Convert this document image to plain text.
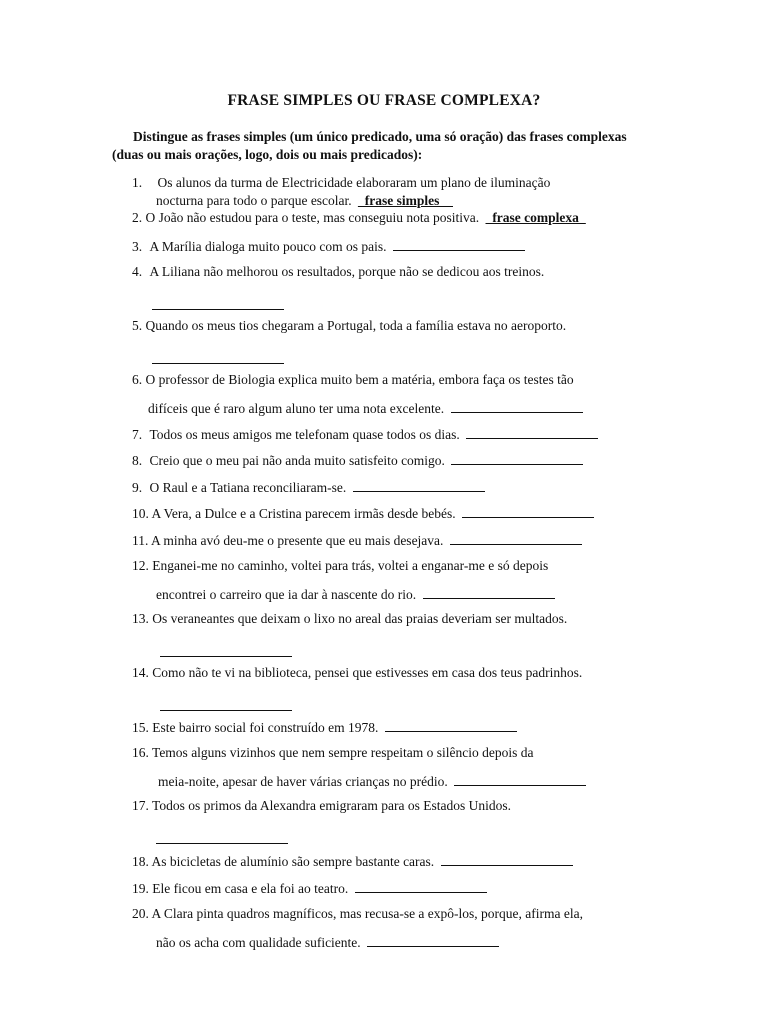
FRASE SIMPLES OU FRASE COMPLEXA?
Distingue as frases simples (um único predicado, uma só oração) das frases complexas
(duas ou mais orações, logo, dois ou mais predicados):
1. Os alunos da turma de Electricidade elaboraram um plano de iluminação
nocturna para todo o parque escolar. _frase simples__
2. O João não estudou para o teste, mas conseguiu nota positiva. _frase complexa_
3. A Marília dialoga muito pouco com os pais.
4. A Liliana não melhorou os resultados, porque não se dedicou aos treinos.
5. Quando os meus tios chegaram a Portugal, toda a família estava no aeroporto.
6. O professor de Biologia explica muito bem a matéria, embora faça os testes tão
difíceis que é raro algum aluno ter uma nota excelente.
7. Todos os meus amigos me telefonam quase todos os dias.
8. Creio que o meu pai não anda muito satisfeito comigo.
9. O Raul e a Tatiana reconciliaram-se.
10. A Vera, a Dulce e a Cristina parecem irmãs desde bebés.
11. A minha avó deu-me o presente que eu mais desejava.
12. Enganei-me no caminho, voltei para trás, voltei a enganar-me e só depois
encontrei o carreiro que ia dar à nascente do rio.
13. Os veraneantes que deixam o lixo no areal das praias deveriam ser multados.
14. Como não te vi na biblioteca, pensei que estivesses em casa dos teus padrinhos.
15. Este bairro social foi construído em 1978.
16. Temos alguns vizinhos que nem sempre respeitam o silêncio depois da
meia-noite, apesar de haver várias crianças no prédio.
17. Todos os primos da Alexandra emigraram para os Estados Unidos.
18. As bicicletas de alumínio são sempre bastante caras.
19. Ele ficou em casa e ela foi ao teatro.
20. A Clara pinta quadros magníficos, mas recusa-se a expô-los, porque, afirma ela,
não os acha com qualidade suficiente.
